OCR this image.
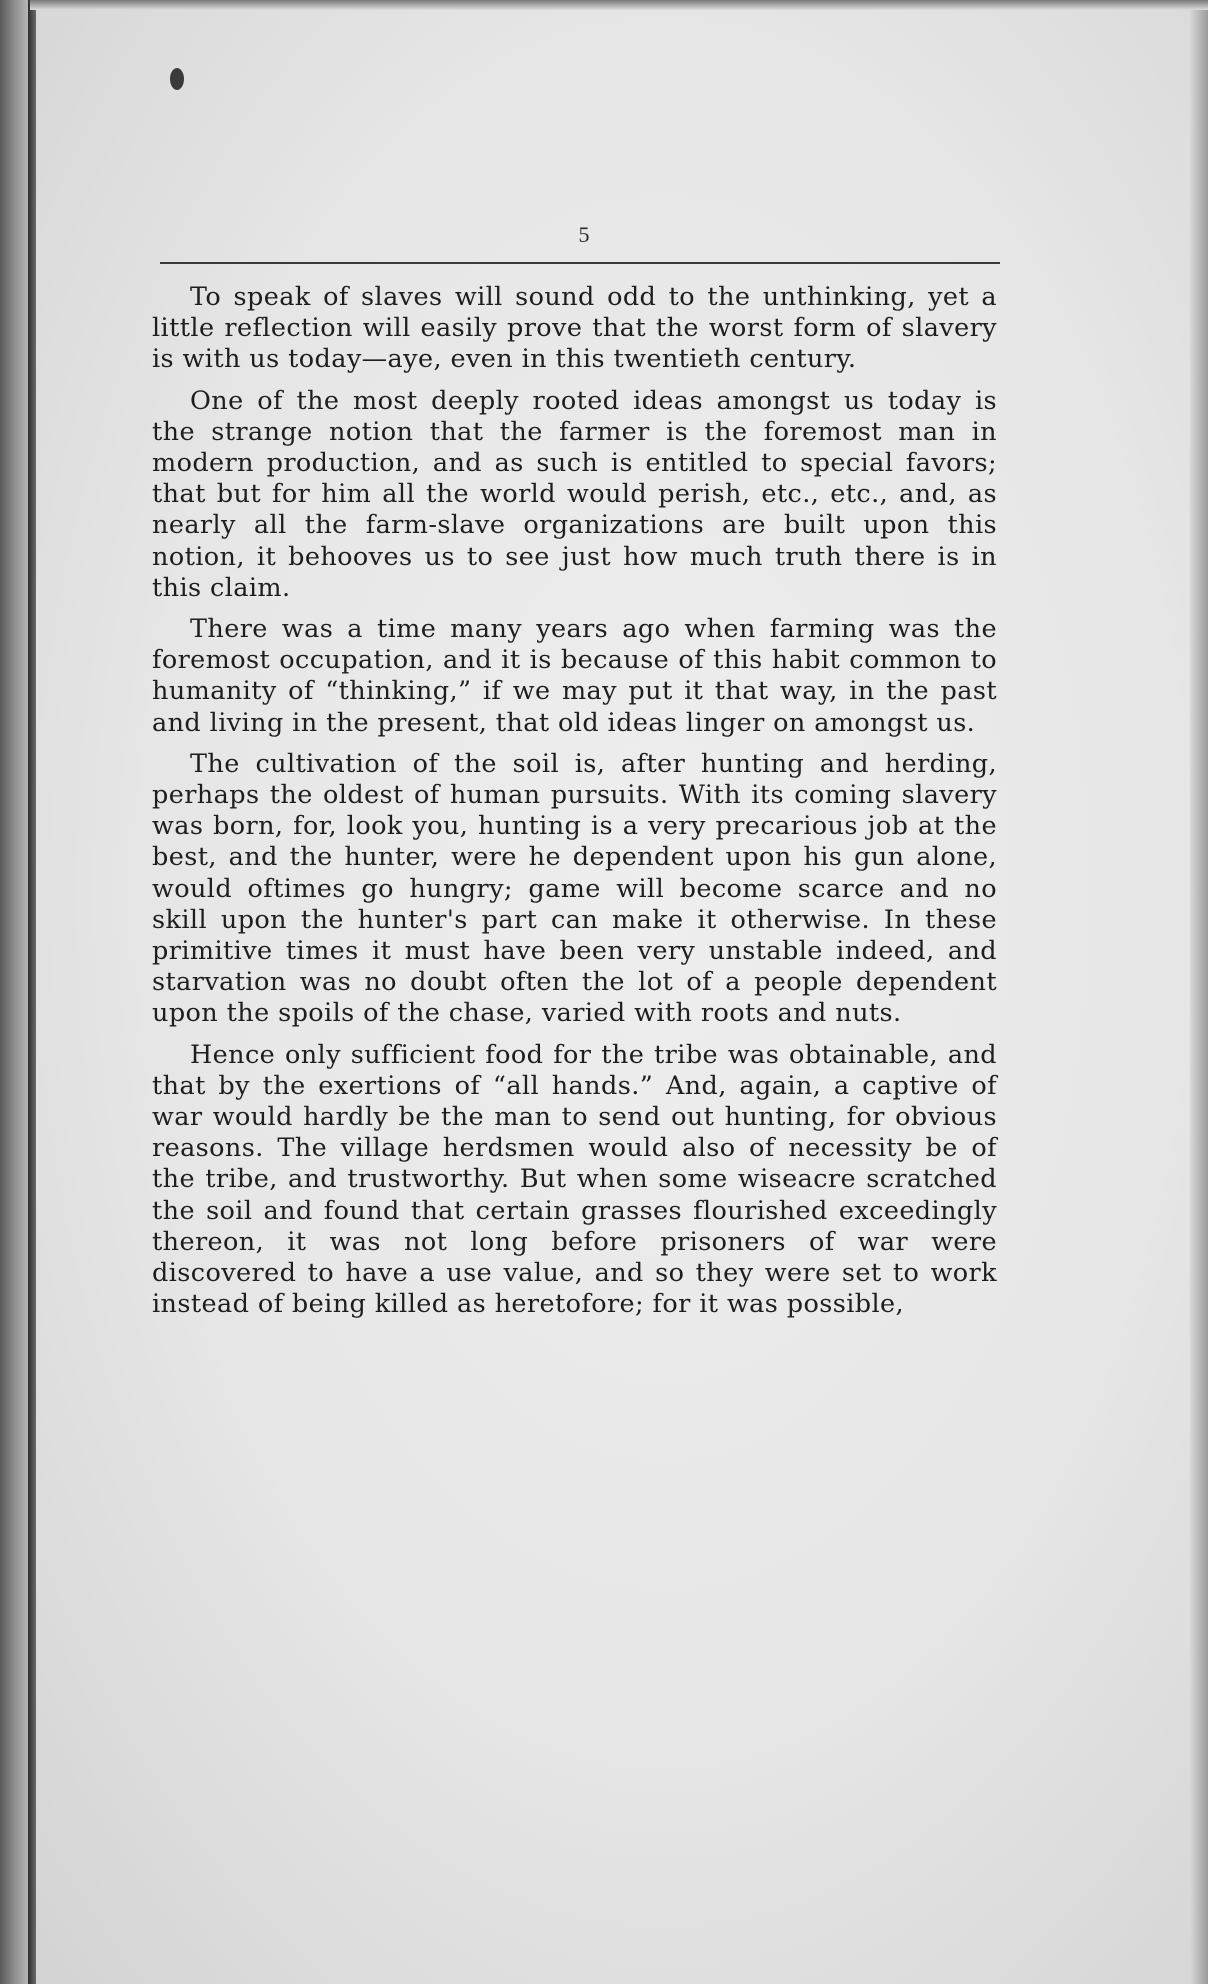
5

To speak of slaves will sound odd to the unthinking, yet a little reflection will easily prove that the worst form of slavery is with us today—aye, even in this twentieth century.

One of the most deeply rooted ideas amongst us today is the strange notion that the farmer is the foremost man in modern production, and as such is entitled to special favors; that but for him all the world would perish, etc., etc., and, as nearly all the farm-slave organizations are built upon this notion, it behooves us to see just how much truth there is in this claim.

There was a time many years ago when farming was the foremost occupation, and it is because of this habit common to humanity of “thinking,” if we may put it that way, in the past and living in the present, that old ideas linger on amongst us.

The cultivation of the soil is, after hunting and herding, perhaps the oldest of human pursuits. With its coming slavery was born, for, look you, hunting is a very precarious job at the best, and the hunter, were he dependent upon his gun alone, would oftimes go hungry; game will become scarce and no skill upon the hunter's part can make it otherwise. In these primitive times it must have been very unstable indeed, and starvation was no doubt often the lot of a people dependent upon the spoils of the chase, varied with roots and nuts.

Hence only sufficient food for the tribe was obtainable, and that by the exertions of “all hands.” And, again, a captive of war would hardly be the man to send out hunting, for obvious reasons. The village herdsmen would also of necessity be of the tribe, and trustworthy. But when some wiseacre scratched the soil and found that certain grasses flourished exceedingly thereon, it was not long before prisoners of war were discovered to have a use value, and so they were set to work instead of being killed as heretofore; for it was possible,
